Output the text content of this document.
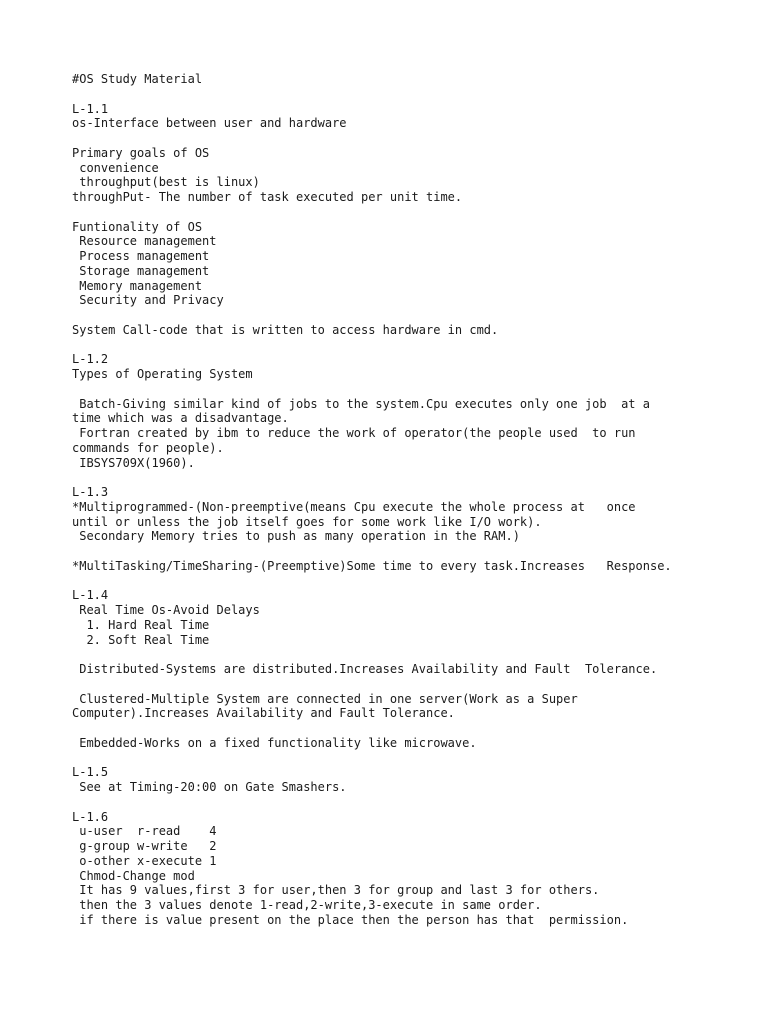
#OS Study Material
L-1.1
os-Interface between user and hardware
Primary goals of OS
convenience
throughput(best is linux)
throughPut- The number of task executed per unit time.
Funtionality of OS
Resource management
Process management
Storage management
Memory management
Security and Privacy
System Call-code that is written to access hardware in cmd.
L-1.2
Types of Operating System
Batch-Giving similar kind of jobs to the system.Cpu executes only one job  at a
time which was a disadvantage.
Fortran created by ibm to reduce the work of operator(the people used  to run
commands for people).
IBSYS709X(1960).
L-1.3
*Multiprogrammed-(Non-preemptive(means Cpu execute the whole process at   once
until or unless the job itself goes for some work like I/O work).
Secondary Memory tries to push as many operation in the RAM.)
*MultiTasking/TimeSharing-(Preemptive)Some time to every task.Increases   Response.
L-1.4
Real Time Os-Avoid Delays
1. Hard Real Time
2. Soft Real Time
Distributed-Systems are distributed.Increases Availability and Fault  Tolerance.
Clustered-Multiple System are connected in one server(Work as a Super
Computer).Increases Availability and Fault Tolerance.
Embedded-Works on a fixed functionality like microwave.
L-1.5
See at Timing-20:00 on Gate Smashers.
L-1.6
u-user  r-read    4
g-group w-write   2
o-other x-execute 1
Chmod-Change mod
It has 9 values,first 3 for user,then 3 for group and last 3 for others.
then the 3 values denote 1-read,2-write,3-execute in same order.
if there is value present on the place then the person has that  permission.
